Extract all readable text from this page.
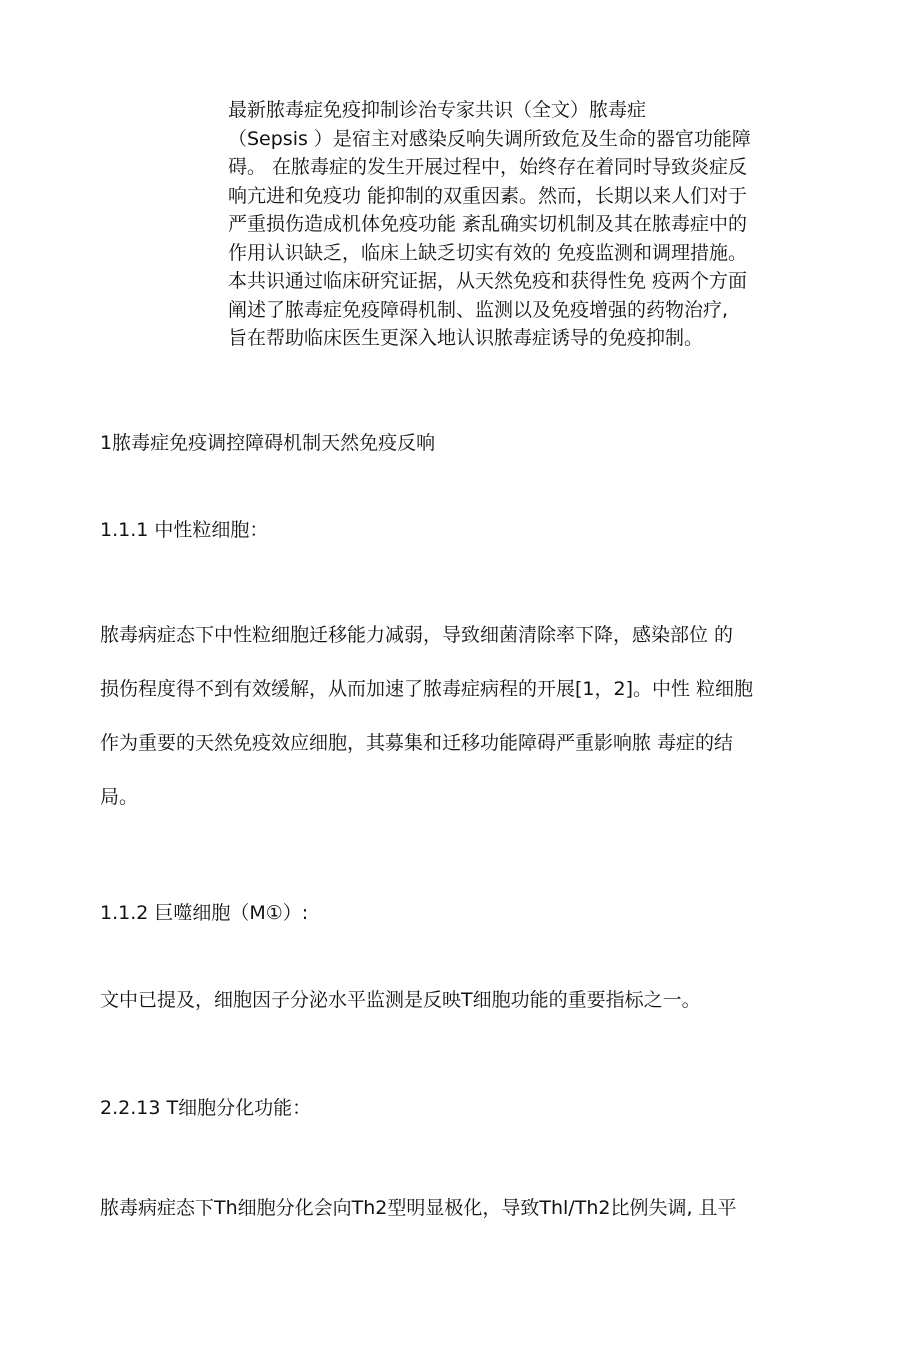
最新脓毒症免疫抑制诊治专家共识（全文）脓毒症
（Sepsis ）是宿主对感染反响失调所致危及生命的器官功能障
碍。 在脓毒症的发生开展过程中，始终存在着同时导致炎症反
响亢进和免疫功 能抑制的双重因素。然而，长期以来人们对于
严重损伤造成机体免疫功能 紊乱确实切机制及其在脓毒症中的
作用认识缺乏，临床上缺乏切实有效的 免疫监测和调理措施。
本共识通过临床研究证据，从天然免疫和获得性免 疫两个方面
阐述了脓毒症免疫障碍机制、监测以及免疫增强的药物治疗,
旨在帮助临床医生更深入地认识脓毒症诱导的免疫抑制。
1脓毒症免疫调控障碍机制天然免疫反响
1.1.1 中性粒细胞：
脓毒病症态下中性粒细胞迁移能力减弱，导致细菌清除率下降，感染部位 的
损伤程度得不到有效缓解，从而加速了脓毒症病程的开展[1，2]。中性 粒细胞
作为重要的天然免疫效应细胞，其募集和迁移功能障碍严重影响脓 毒症的结
局。
1.1.2 巨噬细胞（M①）:
文中已提及，细胞因子分泌水平监测是反映T细胞功能的重要指标之一。
2.2.13 T细胞分化功能：
脓毒病症态下Th细胞分化会向Th2型明显极化，导致Thl/Th2比例失调, 且平
